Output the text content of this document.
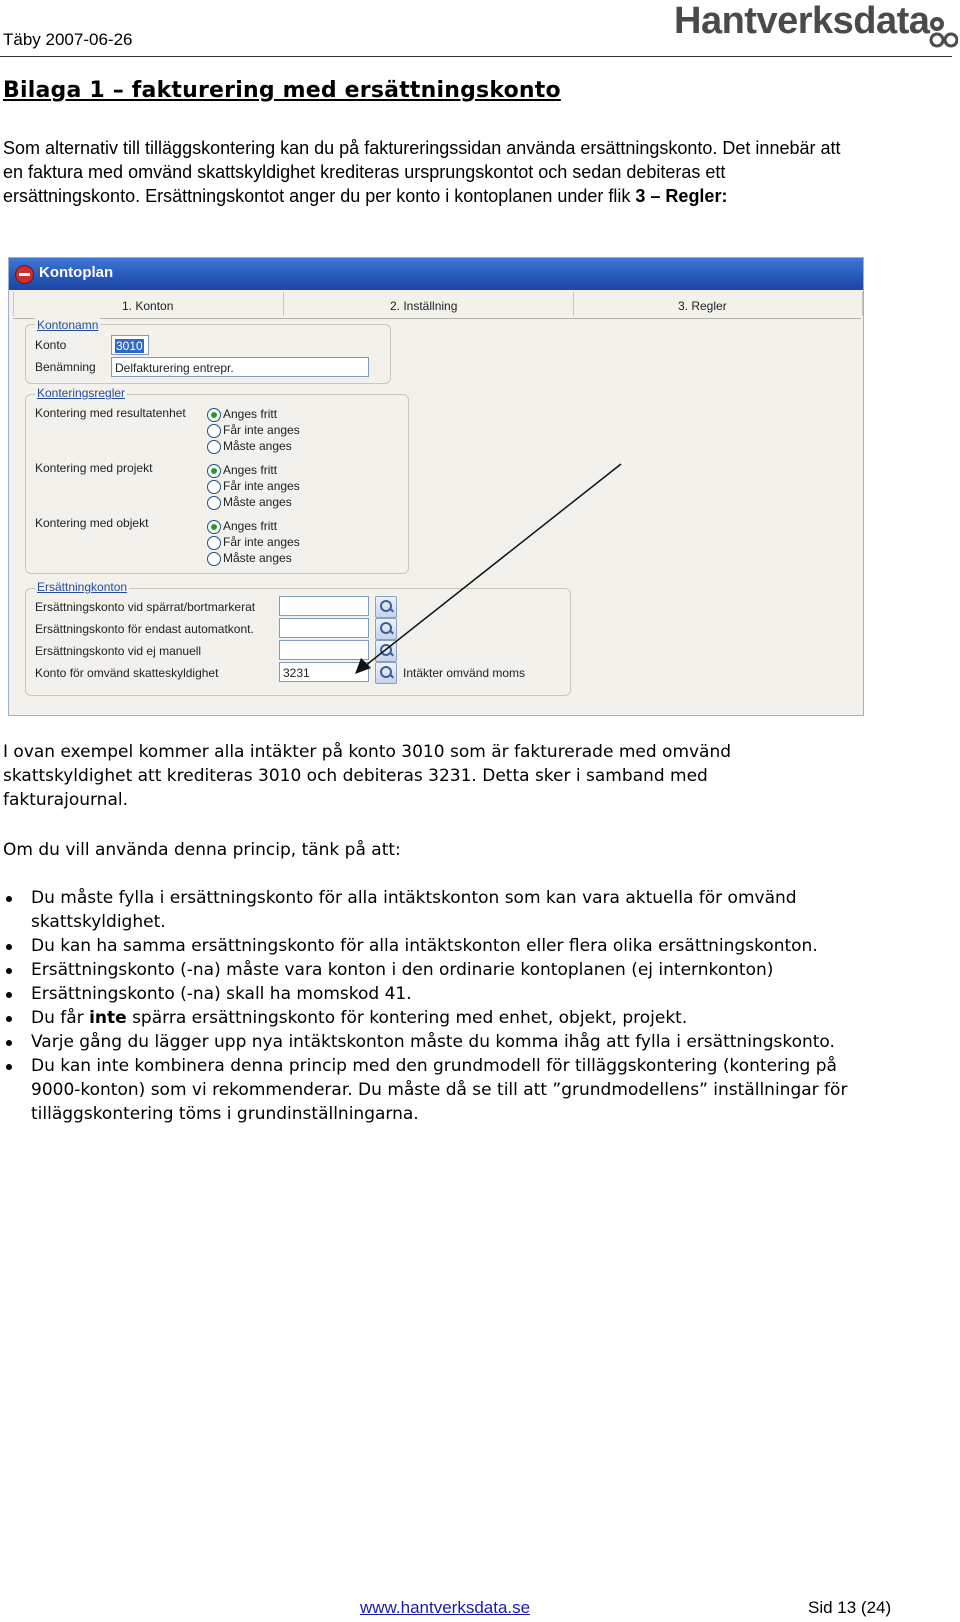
Täby 2007-06-26	Hantverksdata
Bilaga 1 – fakturering med ersättningskonto
Som alternativ till tilläggskontering kan du på faktureringssidan använda ersättningskonto. Det innebär att en faktura med omvänd skattskyldighet krediteras ursprungskontot och sedan debiteras ett ersättningskonto. Ersättningskontot anger du per konto i kontoplanen under flik 3 – Regler:
Kontoplan
1. Konton	2. Inställning	3. Regler
Kontonamn
Konto	3010
Benämning	Delfakturering entrepr.
Konteringsregler
Kontering med resultatenhet	Anges fritt
Får inte anges
Måste anges
Kontering med projekt	Anges fritt
Får inte anges
Måste anges
Kontering med objekt	Anges fritt
Får inte anges
Måste anges
Ersättningkonton
Ersättningskonto vid spärrat/bortmarkerat
Ersättningskonto för endast automatkont.
Ersättningskonto vid ej manuell
Konto för omvänd skatteskyldighet	3231	Intäkter omvänd moms
I ovan exempel kommer alla intäkter på konto 3010 som är fakturerade med omvänd skattskyldighet att krediteras 3010 och debiteras 3231. Detta sker i samband med fakturajournal.
Om du vill använda denna princip, tänk på att:
Du måste fylla i ersättningskonto för alla intäktskonton som kan vara aktuella för omvänd skattskyldighet.
Du kan ha samma ersättningskonto för alla intäktskonton eller flera olika ersättningskonton.
Ersättningskonto (-na) måste vara konton i den ordinarie kontoplanen (ej internkonton)
Ersättningskonto (-na) skall ha momskod 41.
Du får inte spärra ersättningskonto för kontering med enhet, objekt, projekt.
Varje gång du lägger upp nya intäktskonton måste du komma ihåg att fylla i ersättningskonto.
Du kan inte kombinera denna princip med den grundmodell för tilläggskontering (kontering på 9000-konton) som vi rekommenderar. Du måste då se till att ”grundmodellens” inställningar för tilläggskontering töms i grundinställningarna.
www.hantverksdata.se	Sid 13 (24)
